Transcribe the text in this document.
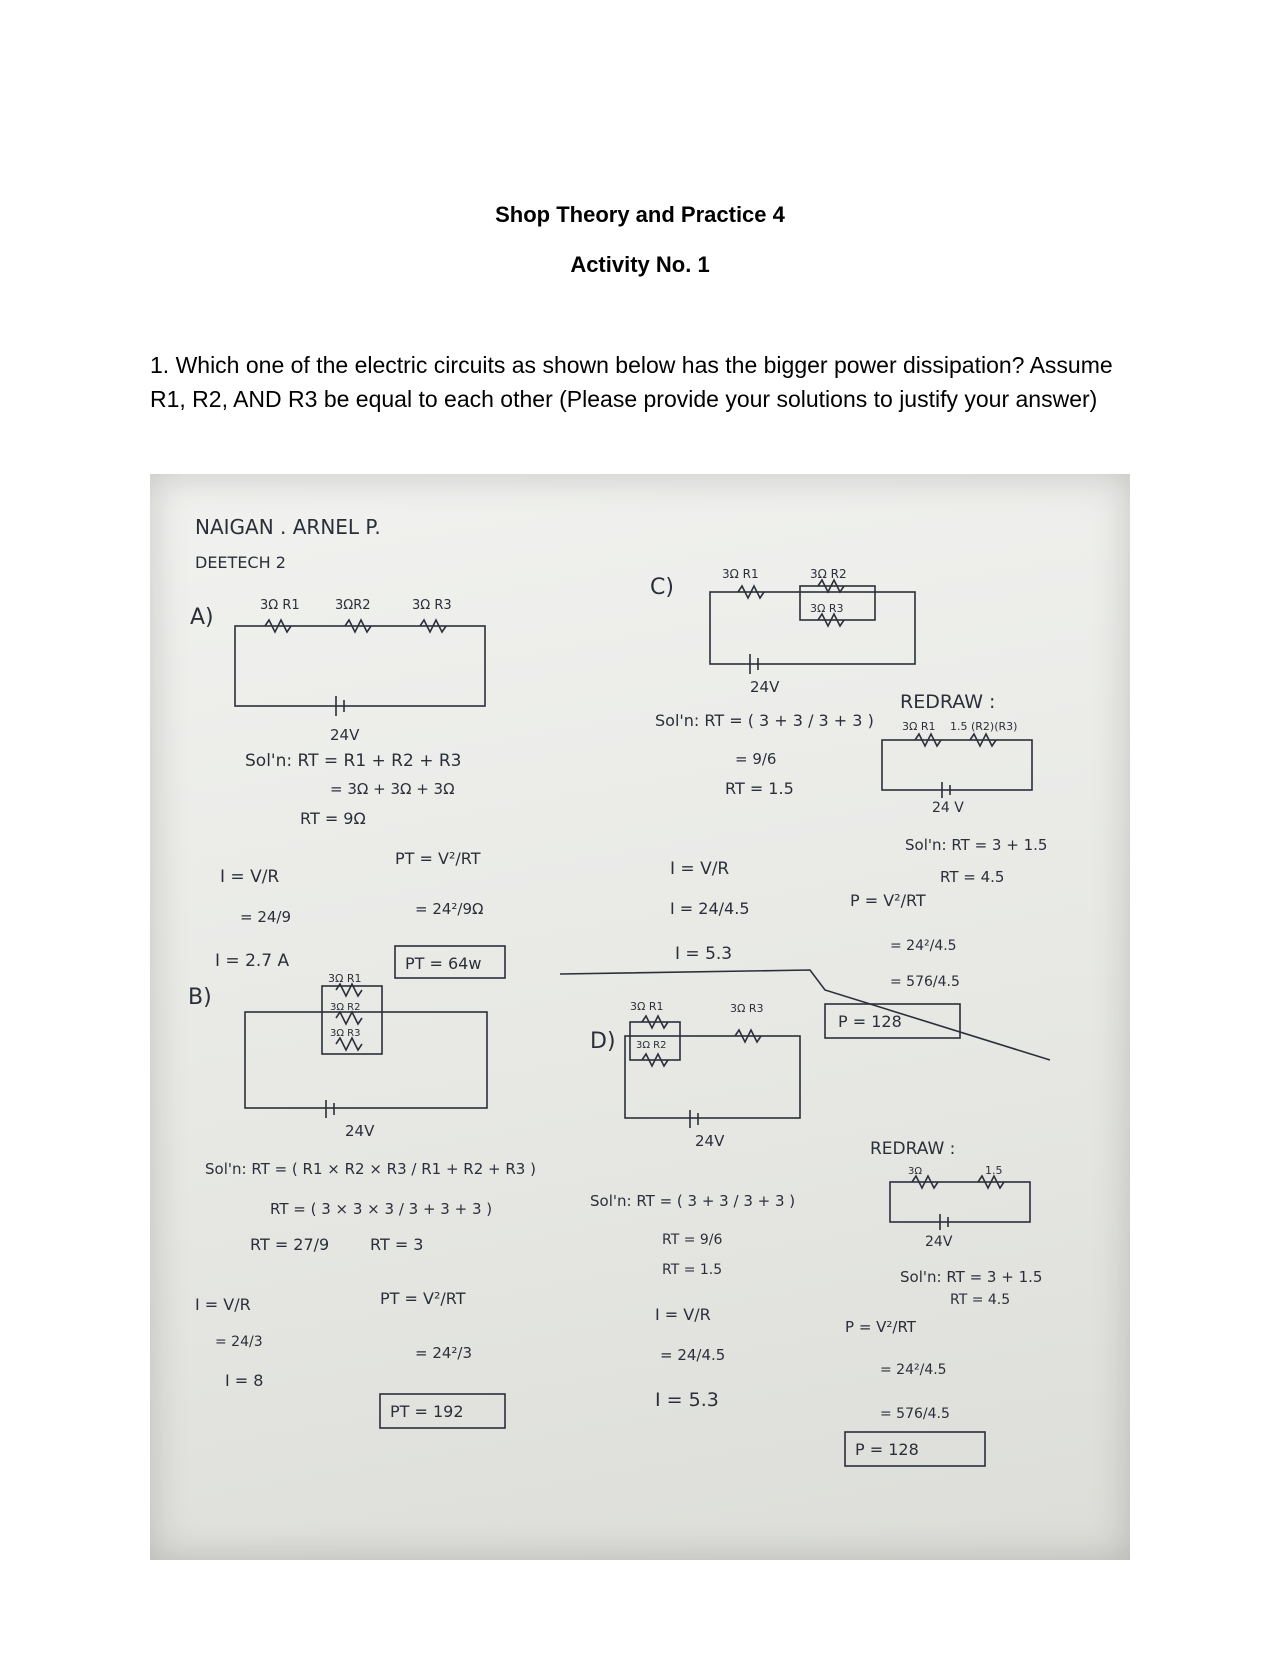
Shop Theory and Practice 4
Activity No. 1
1. Which one of the electric circuits as shown below has the bigger power dissipation? Assume
R1, R2, AND R3 be equal to each other (Please provide your solutions to justify your answer)
NAIGAN . ARNEL P.
DEETECH 2
A)	3Ω R1	3ΩR2	3Ω R3
24V
Sol'n: RT = R1 + R2 + R3
= 3Ω + 3Ω + 3Ω
RT = 9Ω
I = V/R
= 24/9
I = 2.7 A
PT = V²/RT
= 24²/9Ω
PT = 64w
C)
3Ω R1	3Ω R2
3Ω R3
24V
Sol'n: RT = ( 3 + 3 / 3 + 3 )
= 9/6
RT = 1.5
I = V/R
I = 24/4.5
I = 5.3
REDRAW :
3Ω R1 1.5 (R2)(R3)
24 V
Sol'n: RT = 3 + 1.5
RT = 4.5
P = V²/RT
= 24²/4.5
= 576/4.5
P = 128
B)
3Ω R1
3Ω R2
3Ω R3
24V
Sol'n: RT = ( R1 × R2 × R3 / R1 + R2 + R3 )
RT = ( 3 × 3 × 3 / 3 + 3 + 3 )
RT = 27/9	RT = 3
I = V/R
= 24/3
I = 8
PT = V²/RT
= 24²/3
PT = 192
D)
3Ω R1
3Ω R2
3Ω R3
24V
Sol'n: RT = ( 3 + 3 / 3 + 3 )
RT = 9/6
RT = 1.5
I = V/R
= 24/4.5
I = 5.3
REDRAW :
3Ω	1.5
24V
Sol'n: RT = 3 + 1.5
RT = 4.5
P = V²/RT
= 24²/4.5
= 576/4.5
P = 128
